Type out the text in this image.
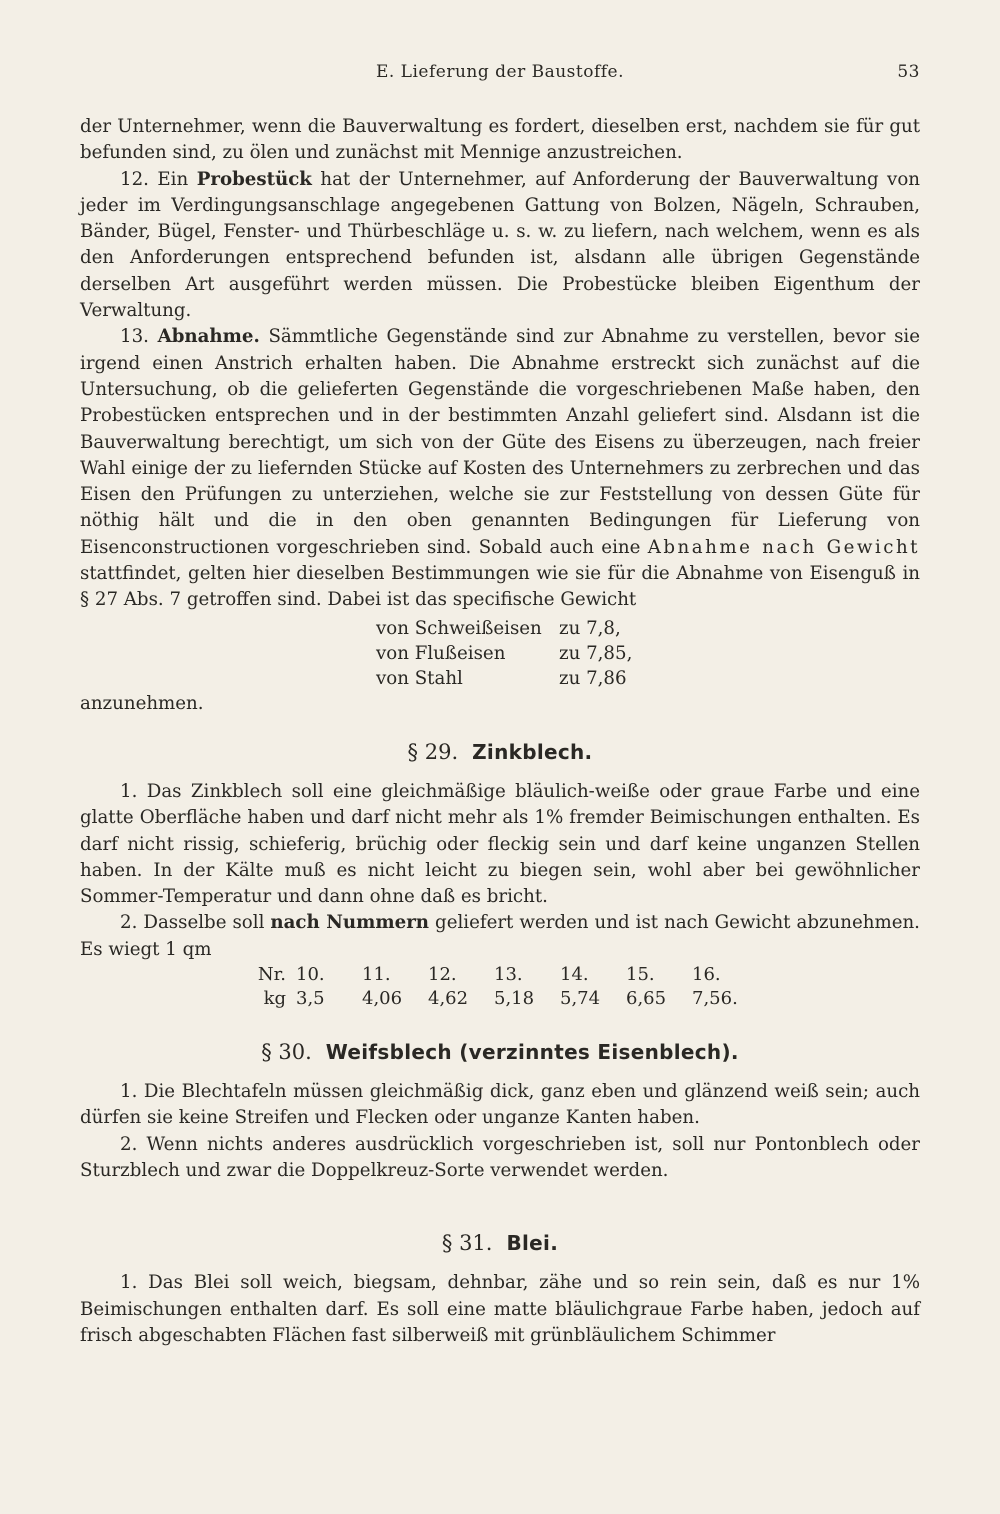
E. Lieferung der Baustoffe.	53

der Unternehmer, wenn die Bauverwaltung es fordert, dieselben erst, nachdem sie für gut befunden sind, zu ölen und zunächst mit Mennige anzustreichen.

12. Ein Probestück hat der Unternehmer, auf Anforderung der Bauverwaltung von jeder im Verdingungsanschlage angegebenen Gattung von Bolzen, Nägeln, Schrauben, Bänder, Bügel, Fenster- und Thürbeschläge u. s. w. zu liefern, nach welchem, wenn es als den Anforderungen entsprechend befunden ist, alsdann alle übrigen Gegenstände derselben Art ausgeführt werden müssen. Die Probestücke bleiben Eigenthum der Verwaltung.

13. Abnahme. Sämmtliche Gegenstände sind zur Abnahme zu verstellen, bevor sie irgend einen Anstrich erhalten haben. Die Abnahme erstreckt sich zunächst auf die Untersuchung, ob die gelieferten Gegenstände die vorgeschriebenen Maße haben, den Probestücken entsprechen und in der bestimmten Anzahl geliefert sind. Alsdann ist die Bauverwaltung berechtigt, um sich von der Güte des Eisens zu überzeugen, nach freier Wahl einige der zu liefernden Stücke auf Kosten des Unternehmers zu zerbrechen und das Eisen den Prüfungen zu unterziehen, welche sie zur Feststellung von dessen Güte für nöthig hält und die in den oben genannten Bedingungen für Lieferung von Eisenconstructionen vorgeschrieben sind. Sobald auch eine Abnahme nach Gewicht stattfindet, gelten hier dieselben Bestimmungen wie sie für die Abnahme von Eisenguß in § 27 Abs. 7 getroffen sind. Dabei ist das specifische Gewicht

von Schweißeisen	zu 7,8,
von Flußeisen	zu 7,85,
von Stahl	zu 7,86

anzunehmen.

§ 29. Zinkblech.

1. Das Zinkblech soll eine gleichmäßige bläulich-weiße oder graue Farbe und eine glatte Oberfläche haben und darf nicht mehr als 1% fremder Beimischungen enthalten. Es darf nicht rissig, schieferig, brüchig oder fleckig sein und darf keine unganzen Stellen haben. In der Kälte muß es nicht leicht zu biegen sein, wohl aber bei gewöhnlicher Sommer-Temperatur und dann ohne daß es bricht.

2. Dasselbe soll nach Nummern geliefert werden und ist nach Gewicht abzunehmen. Es wiegt 1 qm

Nr.	10.	11.	12.	13.	14.	15.	16.
kg	3,5	4,06	4,62	5,18	5,74	6,65	7,56.
§ 30. Weifsblech (verzinntes Eisenblech).

1. Die Blechtafeln müssen gleichmäßig dick, ganz eben und glänzend weiß sein; auch dürfen sie keine Streifen und Flecken oder unganze Kanten haben.

2. Wenn nichts anderes ausdrücklich vorgeschrieben ist, soll nur Pontonblech oder Sturzblech und zwar die Doppelkreuz-Sorte verwendet werden.

§ 31. Blei.

1. Das Blei soll weich, biegsam, dehnbar, zähe und so rein sein, daß es nur 1% Beimischungen enthalten darf. Es soll eine matte bläulichgraue Farbe haben, jedoch auf frisch abgeschabten Flächen fast silberweiß mit grünbläulichem Schimmer
